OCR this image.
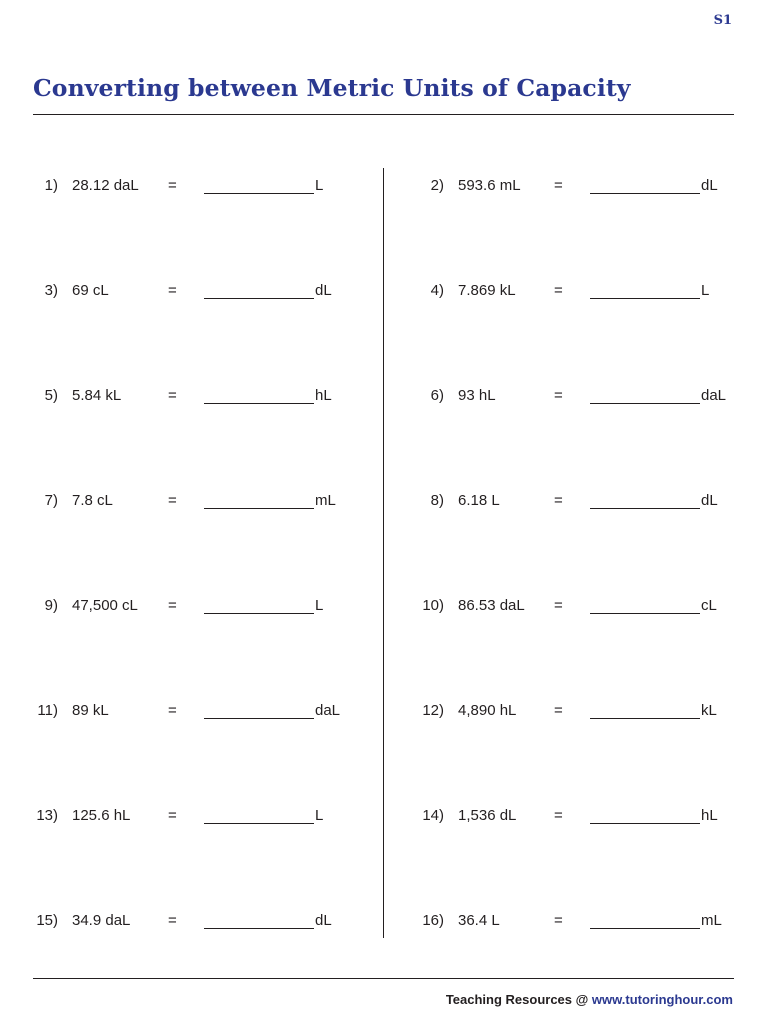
S1
Converting between Metric Units of Capacity
1) 28.12 daL =	L	2) 593.6 mL =	dL
3) 69 cL	=	dL	4) 7.869 kL	=	L
5) 5.84 kL	=	hL	6) 93 hL	=	daL
7) 7.8 cL	=	mL	8) 6.18 L	=	dL
9) 47,500 cL =	L	10) 86.53 daL =	cL
11) 89 kL	=	daL	12) 4,890 hL	=	kL
13) 125.6 hL	=	L	14) 1,536 dL	=	hL
15) 34.9 daL	=	dL	16) 36.4 L	=	mL
Teaching Resources @ www.tutoringhour.com
